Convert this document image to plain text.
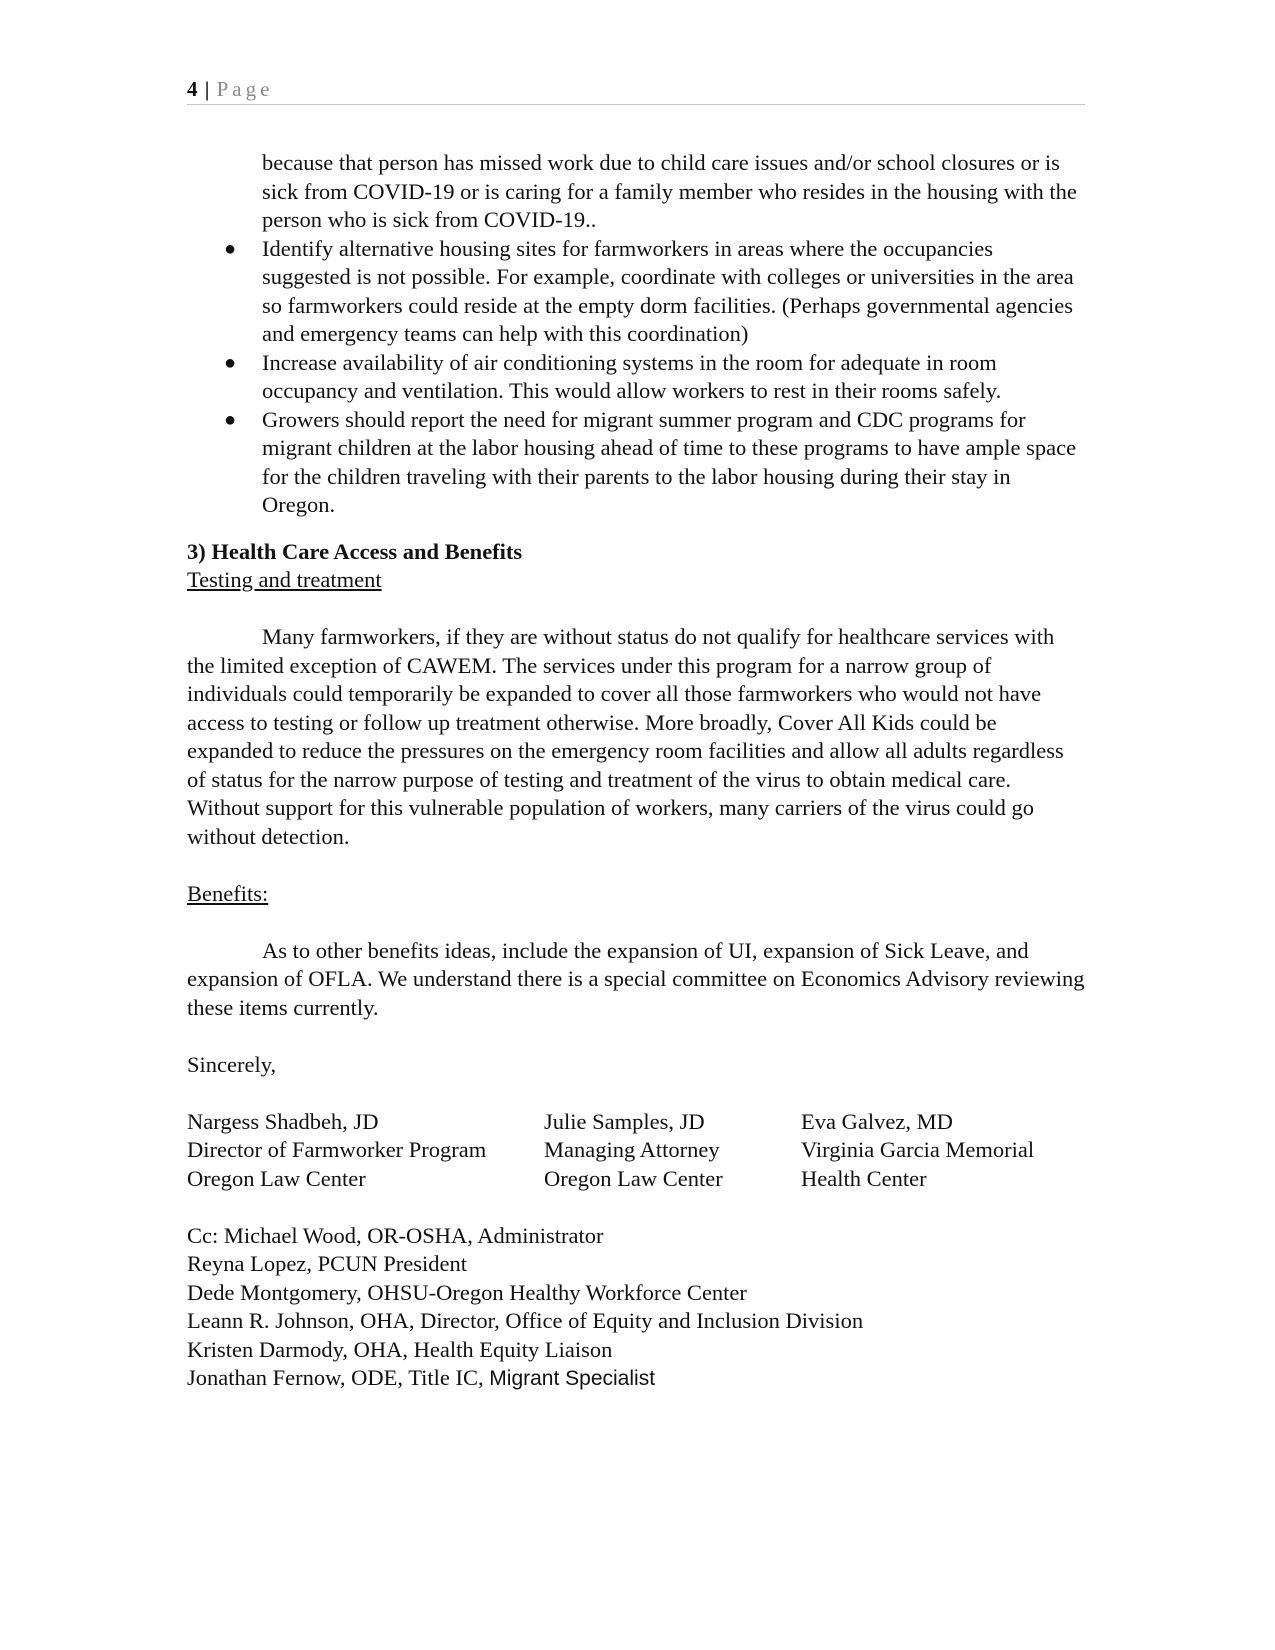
4 | Page

because that person has missed work due to child care issues and/or school closures or is sick from COVID-19 or is caring for a family member who resides in the housing with the person who is sick from COVID-19..

● Identify alternative housing sites for farmworkers in areas where the occupancies suggested is not possible. For example, coordinate with colleges or universities in the area so farmworkers could reside at the empty dorm facilities. (Perhaps governmental agencies and emergency teams can help with this coordination)
● Increase availability of air conditioning systems in the room for adequate in room occupancy and ventilation. This would allow workers to rest in their rooms safely.
● Growers should report the need for migrant summer program and CDC programs for migrant children at the labor housing ahead of time to these programs to have ample space for the children traveling with their parents to the labor housing during their stay in Oregon.
3) Health Care Access and Benefits
Testing and treatment

Many farmworkers, if they are without status do not qualify for healthcare services with the limited exception of CAWEM. The services under this program for a narrow group of individuals could temporarily be expanded to cover all those farmworkers who would not have access to testing or follow up treatment otherwise. More broadly, Cover All Kids could be expanded to reduce the pressures on the emergency room facilities and allow all adults regardless of status for the narrow purpose of testing and treatment of the virus to obtain medical care. Without support for this vulnerable population of workers, many carriers of the virus could go without detection.

Benefits:

As to other benefits ideas, include the expansion of UI, expansion of Sick Leave, and expansion of OFLA. We understand there is a special committee on Economics Advisory reviewing these items currently.

Sincerely,
Nargess Shadbeh, JD
Director of Farmworker Program
Oregon Law Center
Julie Samples, JD
Managing Attorney
Oregon Law Center
Eva Galvez, MD
Virginia Garcia Memorial
Health Center
Cc: Michael Wood, OR-OSHA, Administrator
Reyna Lopez, PCUN President
Dede Montgomery, OHSU-Oregon Healthy Workforce Center
Leann R. Johnson, OHA, Director, Office of Equity and Inclusion Division
Kristen Darmody, OHA, Health Equity Liaison
Jonathan Fernow, ODE, Title IC, Migrant Specialist
